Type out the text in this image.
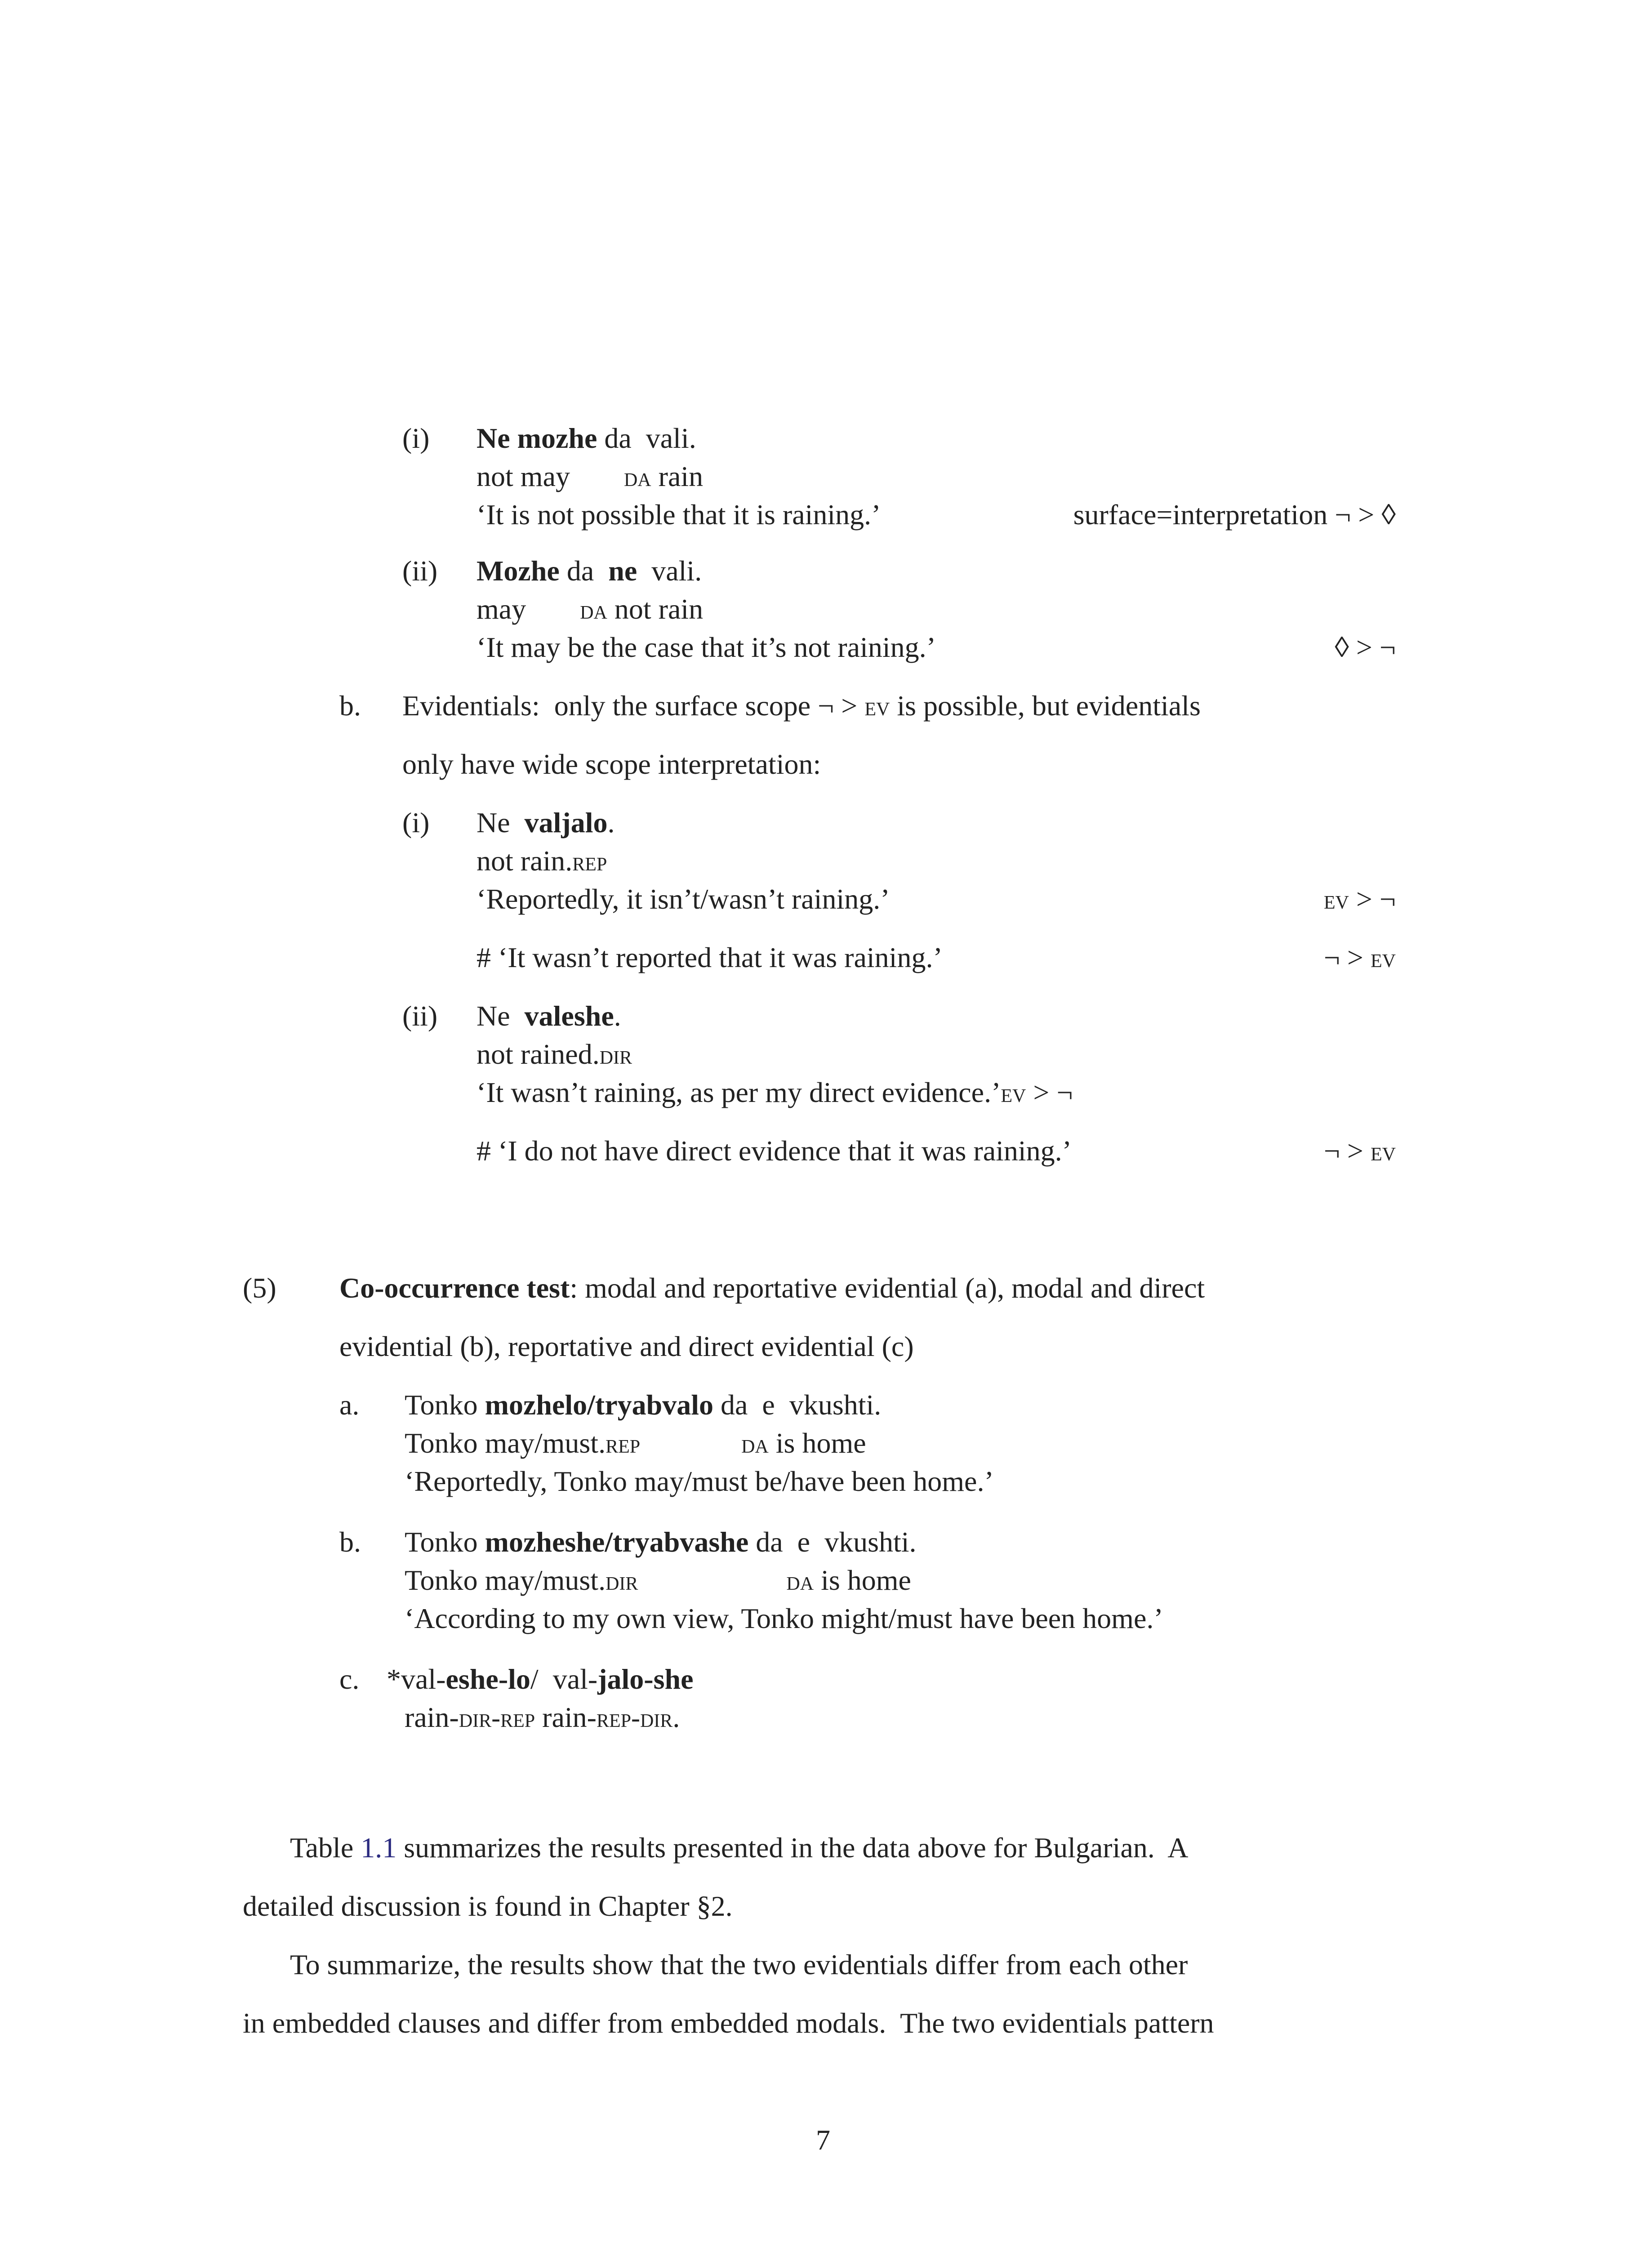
(i) Ne mozhe da vali.
not may da rain
‘It is not possible that it is raining.’	surface=interpretation ¬ > ◊
(ii) Mozhe da ne vali.
may da not rain
‘It may be the case that it’s not raining.’	◊ > ¬
b. Evidentials:  only the surface scope ¬ > ev is possible, but evidentials
only have wide scope interpretation:
(i) Ne valjalo.
not rain.rep
‘Reportedly, it isn’t/wasn’t raining.’	ev > ¬
# ‘It wasn’t reported that it was raining.’	¬ > ev
(ii) Ne valeshe.
not rained.dir
‘It wasn’t raining, as per my direct evidence.’ev > ¬
# ‘I do not have direct evidence that it was raining.’	¬ > ev
(5) Co-occurrence test: modal and reportative evidential (a), modal and direct
evidential (b), reportative and direct evidential (c)
a. Tonko mozhelo/tryabvalo da e vkushti.
Tonko may/must.rep	da is home
‘Reportedly, Tonko may/must be/have been home.’
b. Tonko mozheshe/tryabvashe da e vkushti.
Tonko may/must.dir	da is home
‘According to my own view, Tonko might/must have been home.’
c. *val-eshe-lo/ val-jalo-she
rain-dir-rep rain-rep-dir.
Table 1.1 summarizes the results presented in the data above for Bulgarian.  A
detailed discussion is found in Chapter §2.
To summarize, the results show that the two evidentials differ from each other
in embedded clauses and differ from embedded modals.  The two evidentials pattern
7
